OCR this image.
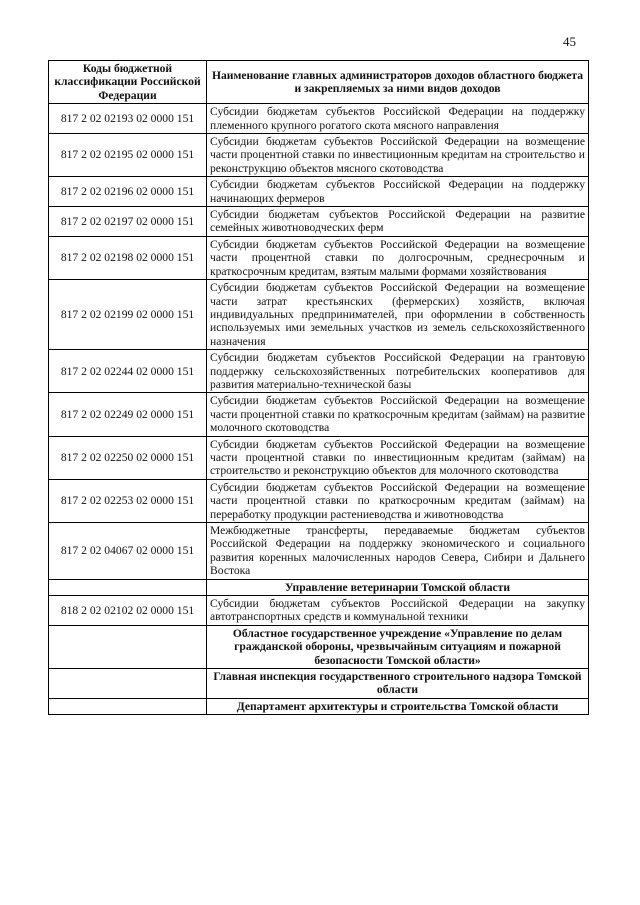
45
Коды бюджетной классификации Российской Федерации	Наименование главных администраторов доходов областного бюджета и закрепляемых за ними видов доходов
817 2 02 02193 02 0000 151	Субсидии бюджетам субъектов Российской Федерации на поддержку племенного крупного рогатого скота мясного направления
817 2 02 02195 02 0000 151	Субсидии бюджетам субъектов Российской Федерации на возмещение части процентной ставки по инвестиционным кредитам на строительство и реконструкцию объектов мясного скотоводства
817 2 02 02196 02 0000 151	Субсидии бюджетам субъектов Российской Федерации на поддержку начинающих фермеров
817 2 02 02197 02 0000 151	Субсидии бюджетам субъектов Российской Федерации на развитие семейных животноводческих ферм
817 2 02 02198 02 0000 151	Субсидии бюджетам субъектов Российской Федерации на возмещение части процентной ставки по долгосрочным, среднесрочным и краткосрочным кредитам, взятым малыми формами хозяйствования
817 2 02 02199 02 0000 151	Субсидии бюджетам субъектов Российской Федерации на возмещение части затрат крестьянских (фермерских) хозяйств, включая индивидуальных предпринимателей, при оформлении в собственность используемых ими земельных участков из земель сельскохозяйственного назначения
817 2 02 02244 02 0000 151	Субсидии бюджетам субъектов Российской Федерации на грантовую поддержку сельскохозяйственных потребительских кооперативов для развития материально-технической базы
817 2 02 02249 02 0000 151	Субсидии бюджетам субъектов Российской Федерации на возмещение части процентной ставки по краткосрочным кредитам (займам) на развитие молочного скотоводства
817 2 02 02250 02 0000 151	Субсидии бюджетам субъектов Российской Федерации на возмещение части процентной ставки по инвестиционным кредитам (займам) на строительство и реконструкцию объектов для молочного скотоводства
817 2 02 02253 02 0000 151	Субсидии бюджетам субъектов Российской Федерации на возмещение части процентной ставки по краткосрочным кредитам (займам) на переработку продукции растениеводства и животноводства
817 2 02 04067 02 0000 151	Межбюджетные трансферты, передаваемые бюджетам субъектов Российской Федерации на поддержку экономического и социального развития коренных малочисленных народов Севера, Сибири и Дальнего Востока
	Управление ветеринарии Томской области
818 2 02 02102 02 0000 151	Субсидии бюджетам субъектов Российской Федерации на закупку автотранспортных средств и коммунальной техники
	Областное государственное учреждение «Управление по делам гражданской обороны, чрезвычайным ситуациям и пожарной безопасности Томской области»
	Главная инспекция государственного строительного надзора Томской области
	Департамент архитектуры и строительства Томской области
